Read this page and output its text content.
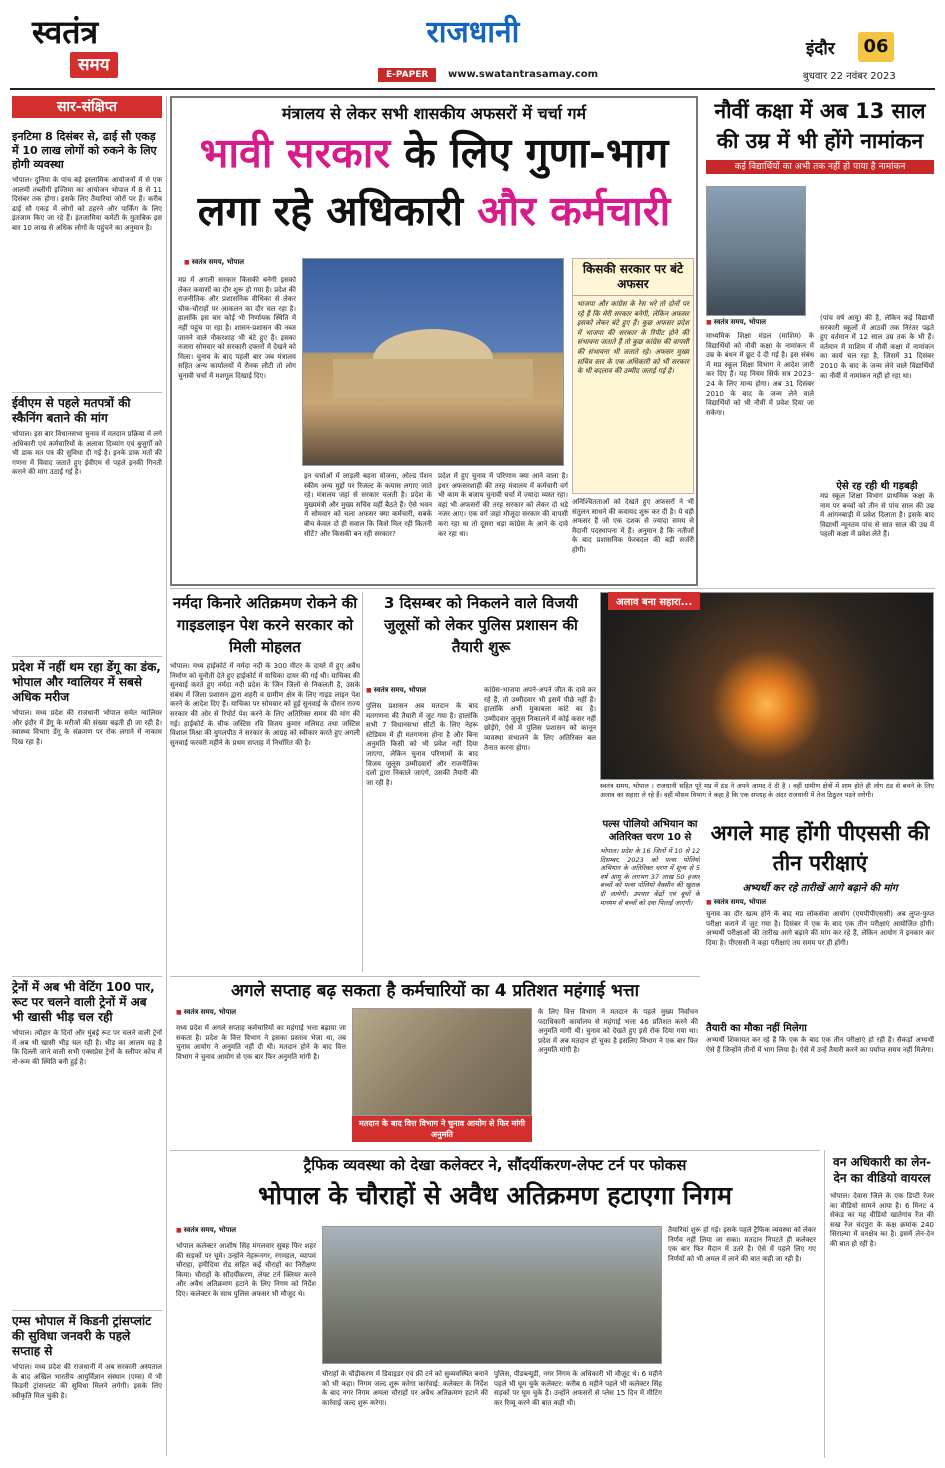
स्वतंत्र
समय
राजधानी
E-PAPER	www.swatantrasamay.com
इंदौर	06
बुधवार 22 नवंबर 2023
सार-संक्षिप्त
इनटिमा 8 दिसंबर से, ढाई सौ एकड़ में 10 लाख लोगों को रुकने के लिए होगी व्यवस्था
भोपाल। दुनिया के पांच बड़े इस्लामिक आयोजनों में से एक आलमी तब्लीगी इज्तिमा का आयोजन भोपाल में 8 से 11 दिसंबर तक होगा। इसके लिए तैयारियां जोरों पर हैं। करीब ढाई सौ एकड़ में लोगों को ठहरने और पार्किंग के लिए इंतजाम किए जा रहे हैं। इंतजामिया कमेटी के मुताबिक इस बार 10 लाख से अधिक लोगों के पहुंचने का अनुमान है।
ईवीएम से पहले मतपत्रों की स्कैनिंग बताने की मांग
भोपाल। इस बार विधानसभा चुनाव में मतदान प्रक्रिया में लगे अधिकारी एवं कर्मचारियों के अलावा दिव्यांग एवं बुजुर्गों को भी डाक मत पत्र की सुविधा दी गई है। इनके डाक मतों की गणना में विवाद जताते हुए ईवीएम से पहले इनकी गिनती कराने की मांग उठाई गई है।
प्रदेश में नहीं थम रहा डेंगू का डंक, भोपाल और ग्वालियर में सबसे अधिक मरीज
भोपाल। मध्य प्रदेश की राजधानी भोपाल समेत ग्वालियर और इंदौर में डेंगू के मरीजों की संख्या बढ़ती ही जा रही है। स्वास्थ्य विभाग डेंगू के संक्रमण पर रोक लगाने में नाकाम दिख रहा है।
ट्रेनों में अब भी वेटिंग 100 पार, रूट पर चलने वाली ट्रेनों में अब भी खासी भीड़ चल रही
भोपाल। त्यौहार के दिनों और मुंबई रूट पर चलने वाली ट्रेनों में अब भी खासी भीड़ चल रही है। भीड़ का आलम यह है कि दिल्ली जाने वाली सभी एक्सप्रेस ट्रेनों के स्लीपर कोच में नो-रूम की स्थिति बनी हुई है।
एम्स भोपाल में किडनी ट्रांसप्लांट की सुविधा जनवरी के पहले सप्ताह से
भोपाल। मध्य प्रदेश की राजधानी में अब सरकारी अस्पताल के बाद अखिल भारतीय आयुर्विज्ञान संस्थान (एम्स) में भी किडनी ट्रांसप्लांट की सुविधा मिलने लगेगी। इसके लिए स्वीकृति मिल चुकी है।
मंत्रालय से लेकर सभी शासकीय अफसरों में चर्चा गर्म
भावी सरकार के लिए गुणा-भाग
लगा रहे अधिकारी और कर्मचारी
■ स्वतंत्र समय, भोपाल
मप्र में अगली सरकार किसकी बनेगी इसको लेकर कयासों का दौर शुरू हो गया है। प्रदेश की राजनीतिक और प्रशासनिक वीथिका से लेकर चौक-चौराहों पर आकलन का दौर चल रहा है। हालांकि इस बार कोई भी निर्णायक स्थिति में नहीं पहुंच पा रहा है। शासन-प्रशासन की नब्ज जानने वाले नौकरशाह भी बंटे हुए हैं। इसका नजारा सोमवार को सरकारी दफ्तरों में देखने को मिला। चुनाव के बाद पहली बार जब मंत्रालय सहित अन्य कार्यालयों में रौनक लौटी तो लोग चुनावी चर्चा में मशगूल दिखाई दिए।
इन चर्चाओं में लाड़ली बहना योजना, ओल्ड पेंशन स्कीम अन्य मुद्दों पर रिजल्ट के कयास लगाए जाते रहे। मंत्रालय जहां से सरकार चलती है। प्रदेश के मुख्यमंत्री और मुख्य सचिव यहीं बैठते हैं। ऐसे भवन में सोमवार को चला अफसर क्या कर्मचारी, सबके बीच केवल दो ही सवाल कि किसे मिल रही कितनी सीटें? और किसकी बन रही सरकार?
प्रदेश में हुए चुनाव में परिणाम क्या आने वाला है। इधर अफसरशाही की तरह मंत्रालय में कर्मचारी वर्ग भी काम के बजाय चुनावी चर्चा में ज्यादा व्यस्त रहा। वहां भी अफसरों की तरह सरकार को लेकर दो धड़े नजर आए। एक वर्ग जहां मौजूदा सरकार की वापसी करा रहा था तो दूसरा धड़ा कांग्रेस के आने के दावे कर रहा था।
किसकी सरकार पर बंटे अफसर
भाजपा और कांग्रेस के रेस भरे तो दोनों पर रहे हैं कि मेरी सरकार बनेगी, लेकिन अफसर इसको लेकर बंटे हुए हैं। कुछ अफसर प्रदेश में भाजपा की सरकार के रिपीट होने की संभावना जताते हैं तो कुछ कांग्रेस की वापसी की संभावना भी जताते रहे। अफसर मुख्य सचिव स्तर के एक अधिकारी को भी सरकार के भी बदलाव की उम्मीद जताई गई है।
अनिश्चितताओं को देखते हुए अफसरों ने भी संतुलन साधने की कवायद शुरू कर दी है। ये वही अफसर हैं जो एक दशक से ज्यादा समय से मैदानी पदस्थापना में हैं। अनुमान है कि नतीजों के बाद प्रशासनिक फेरबदल की बड़ी सर्जरी होगी।
नौवीं कक्षा में अब 13 साल की उम्र में भी होंगे नामांकन
कई विद्यार्थियों का अभी तक नहीं हो पाया है नामांकन
■ स्वतंत्र समय, भोपाल
माध्यमिक शिक्षा मंडल (माशिम) के विद्यार्थियों को नौवीं कक्षा के नामांकन में उम्र के बंधन में छूट दे दी गई है। इस संबंध में मप्र स्कूल शिक्षा विभाग ने आदेश जारी कर दिए हैं। यह नियम सिर्फ सत्र 2023-24 के लिए मान्य होगा। अब 31 दिसंबर 2010 के बाद के जन्म लेने वाले विद्यार्थियों को भी नौवीं में प्रवेश दिया जा सकेगा।
(पांच वर्ष आयु) की है, लेकिन कई विद्यार्थी सरकारी स्कूलों में आठवीं तक निरंतर पढ़ते हुए वर्तमान में 12 साल उम्र तक के भी हैं। वर्तमान में माशिम में नौवीं कक्षा में नामांकन का कार्य चल रहा है, जिसमें 31 दिसंबर 2010 के बाद के जन्म लेने वाले विद्यार्थियों का नौवीं में नामांकन नहीं हो रहा था।
ऐसे रह रही थी गड़बड़ी
मप्र स्कूल शिक्षा विभाग प्राथमिक कक्षा के नाम पर बच्चों को तीन से पांच साल की उम्र में आंगनबाड़ी में प्रवेश दिलाता है। इसके बाद विद्यार्थी न्यूनतम पांच से सात साल की उम्र में पहली कक्षा में प्रवेश लेते हैं।
नर्मदा किनारे अतिक्रमण रोकने की गाइडलाइन पेश करने सरकार को मिली मोहलत
भोपाल। मध्य हाईकोर्ट में नर्मदा नदी के 300 मीटर के दायरे में हुए अवैध निर्माण को चुनौती देते हुए हाईकोर्ट में याचिका दायर की गई थी। याचिका की सुनवाई करते हुए नर्मदा नदी प्रदेश के जिन जिलों से निकलती है, उसके संबंध में जिला प्रशासन द्वारा शहरी व ग्रामीण क्षेत्र के लिए गाइड लाइन पेश करने के आदेश दिए हैं। याचिका पर सोमवार को हुई सुनवाई के दौरान राज्य सरकार की ओर से रिपोर्ट पेश करने के लिए अतिरिक्त समय की मांग की गई। हाईकोर्ट के चीफ जस्टिस रवि विजय कुमार मलिमठ तथा जस्टिस विशाल मिश्रा की युगलपीठ ने सरकार के आग्रह को स्वीकार करते हुए अगली सुनवाई फरवरी महीने के प्रथम सप्ताह में निर्धारित की है।
3 दिसम्बर को निकलने वाले विजयी जुलूसों को लेकर पुलिस प्रशासन की तैयारी शुरू
■ स्वतंत्र समय, भोपाल
पुलिस प्रशासन अब मतदान के बाद मतगणना की तैयारी में जुट गया है। हालांकि सभी 7 विधानसभा सीटों के लिए नेहरू स्टेडियम में ही मतगणना होना है और बिना अनुमति किसी को भी प्रवेश नहीं दिया जाएगा, लेकिन चुनाव परिणामों के बाद विजय जुलूस उम्मीदवारों और राजनीतिक दलों द्वारा निकाले जाएंगे, उसकी तैयारी की जा रही है।
कांग्रेस-भाजपा अपने-अपने जीत के दावे कर रहे हैं, तो उम्मीदवार भी इसमें पीछे नहीं हैं। हालांकि अभी मुकाबला कांटे का है। उम्मीदवार जुलूस निकालने में कोई कसर नहीं छोड़ेंगे, ऐसे में पुलिस प्रशासन को कानून व्यवस्था संभालने के लिए अतिरिक्त बल तैनात करना होगा।
अलाव बना सहारा...
स्वतंत्र समय, भोपाल । राजधानी सहित पूरे मप्र में ठंड ने अपने आमद दे दी है । वहीं ग्रामीण क्षेत्रों में शाम होते ही लोग ठंड से बचने के लिए अलाव का सहारा ले रहे हैं। वहीं मौसम विभाग ने कहा है कि एक सप्ताह के अंदर राजधानी में तेज ठिठुरन पड़ने लगेगी।
पल्स पोलियो अभियान का अतिरिक्त चरण 10 से
भोपाल। प्रदेश के 16 जिलों में 10 से 12 दिसम्बर, 2023 को पल्स पोलियो अभियान के अतिरिक्त चरण में शून्य से 5 वर्ष आयु के लगभग 37 लाख 50 हजार बच्चों को पल्स पोलियो वैक्सीन की खुराक दी जायेगी। उपचार केंद्रों एवं बूथों के माध्यम से बच्चों को दवा पिलाई जाएगी।
अगले माह होंगी पीएससी की तीन परीक्षाएं
अभ्यर्थी कर रहे तारीखें आगे बढ़ाने की मांग
■ स्वतंत्र समय, भोपाल
चुनाव का दौर खत्म होने के बाद मप्र लोकसेवा आयोग (एमपीपीएससी) अब लुप्त-फुप्त परीक्षा कराने में जुट गया है। दिसंबर में एक के बाद एक तीन परीक्षाएं आयोजित होंगी। अभ्यर्थी परीक्षाओं की तारीख आगे बढ़ाने की मांग कर रहे हैं, लेकिन आयोग ने इनकार कर दिया है। पीएससी ने कहा परीक्षाएं तय समय पर ही होंगी।
तैयारी का मौका नहीं मिलेगा
अभ्यर्थी शिकायत कर रहे हैं कि एक के बाद एक तीन परीक्षाएं हो रही हैं। सैकड़ों अभ्यर्थी ऐसे हैं जिन्होंने तीनों में भाग लिया है। ऐसे में उन्हें तैयारी करने का पर्याप्त समय नहीं मिलेगा।
अगले सप्ताह बढ़ सकता है कर्मचारियों का 4 प्रतिशत महंगाई भत्ता
■ स्वतंत्र समय, भोपाल
मध्य प्रदेश में अगले सप्ताह कर्मचारियों का महंगाई भत्ता बढ़ाया जा सकता है। प्रदेश के वित्त विभाग ने इसका प्रस्ताव भेजा था, तब चुनाव आयोग ने अनुमति नहीं दी थी। मतदान होने के बाद वित्त विभाग ने चुनाव आयोग से एक बार फिर अनुमति मांगी है।
मतदान के बाद वित्त विभाग ने चुनाव आयोग से फिर मांगी अनुमति
के लिए वित्त विभाग ने मतदान के पहले मुख्य निर्वाचन पदाधिकारी कार्यालय से महंगाई भत्ता 46 प्रतिशत करने की अनुमति मांगी थी। चुनाव को देखते हुए इसे रोक दिया गया था। प्रदेश में अब मतदान हो चुका है इसलिए विभाग ने एक बार फिर अनुमति मांगी है।
ट्रैफिक व्यवस्था को देखा कलेक्टर ने, सौंदर्यीकरण-लेफ्ट टर्न पर फोकस
भोपाल के चौराहों से अवैध अतिक्रमण हटाएगा निगम
■ स्वतंत्र समय, भोपाल
भोपाल कलेक्टर आशीष सिंह मंगलवार सुबह फिर शहर की सड़कों पर घूमे। उन्होंने नेहरूनगर, रंगमहल, व्यापमं चौराहा, हमीदिया रोड सहित कई चौराहों का निरीक्षण किया। चौराहों के सौंदर्यीकरण, लेफ्ट टर्न क्लियर करने और अवैध अतिक्रमण हटाने के लिए निगम को निर्देश दिए। कलेक्टर के साथ पुलिस अफसर भी मौजूद थे।
चौराहों के चौड़ीकरण में डिवाइडर एवं फ्री टर्न को सुव्यवस्थित बनाने को भी कहा। निगम जल्द शुरू करेगा कार्रवाई: कलेक्टर के निर्देश के बाद नगर निगम अमला चौराहों पर अवैध अतिक्रमण हटाने की कार्रवाई जल्द शुरू करेगा।
पुलिस, पीडब्ल्यूडी, नगर निगम के अधिकारी भी मौजूद थे। 6 महीने पहले भी घूम चुके कलेक्टर: करीब 6 महीने पहले भी कलेक्टर सिंह सड़कों पर घूम चुके हैं। उन्होंने अफसरों से प्लेस 15 दिन में मीटिंग कर रिव्यू करने की बात कही थी।
तैयारियां शुरू हो गई। इसके पहले ट्रैफिक व्यवस्था को लेकर निर्णय नहीं लिया जा सका। मतदान निपटते ही कलेक्टर एक बार फिर मैदान में उतरे हैं। ऐसे में पहले लिए गए निर्णयों को भी अमल में लाने की बात कही जा रही है।
वन अधिकारी का लेन-देन का वीडियो वायरल
भोपाल। देवास जिले के एक डिप्टी रेंजर का वीडियो सामने आया है। 6 मिनट 4 सेकंड का यह वीडियो खातेगांव रेंज की सख रेंज चंदपुरा के कक्ष क्रमांक 240 सिराल्या में वनक्षेत्र का है। इसमें लेन-देन की बात हो रही है।
